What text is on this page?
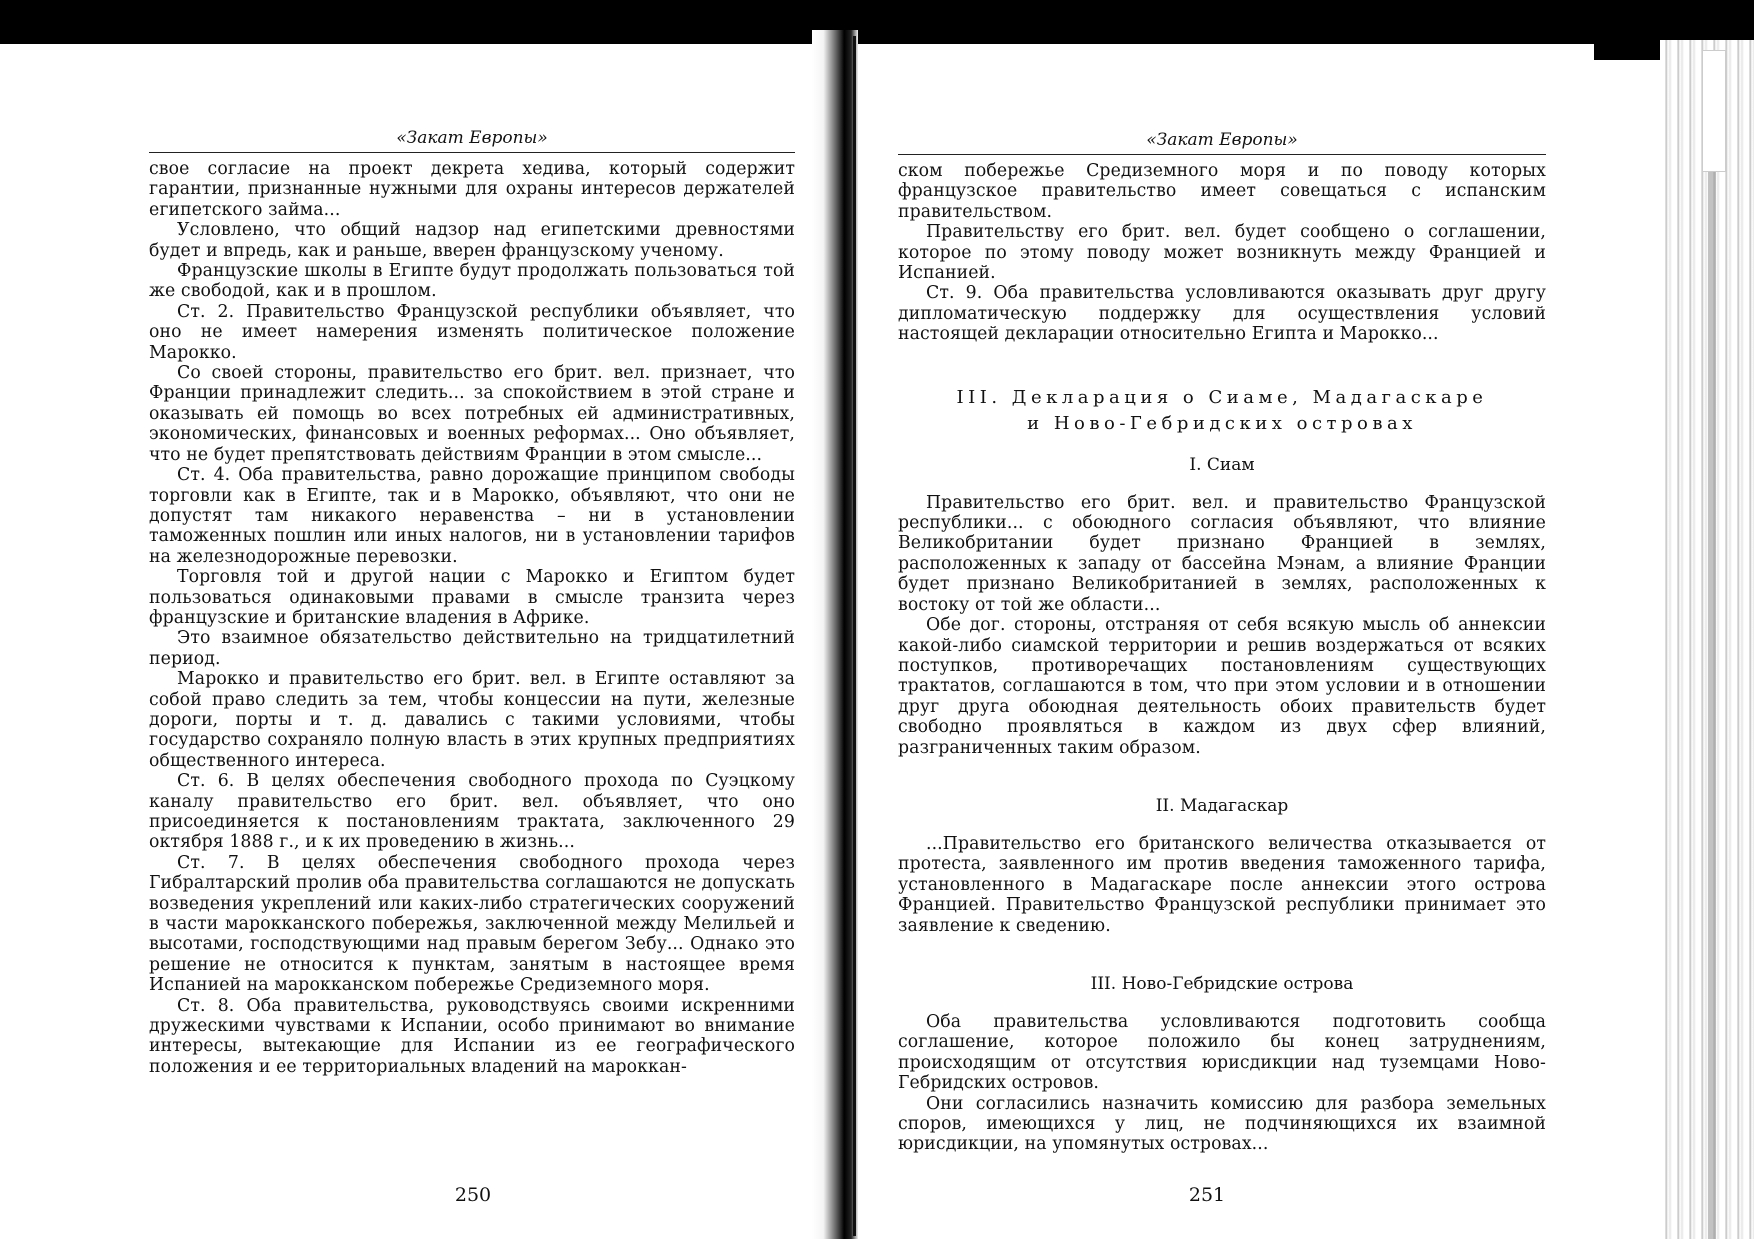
«Закат Европы»

свое согласие на проект декрета хедива, который содержит гарантии, признанные нужными для охраны интересов держателей египетского займа...

Условлено, что общий надзор над египетскими древностями будет и впредь, как и раньше, вверен французскому ученому.

Французские школы в Египте будут продолжать пользоваться той же свободой, как и в прошлом.

Ст. 2. Правительство Французской республики объявляет, что оно не имеет намерения изменять политическое положение Марокко.

Со своей стороны, правительство его брит. вел. признает, что Франции принадлежит следить... за спокойствием в этой стране и оказывать ей помощь во всех потребных ей административных, экономических, финансовых и военных реформах... Оно объявляет, что не будет препятствовать действиям Франции в этом смысле...

Ст. 4. Оба правительства, равно дорожащие принципом свободы торговли как в Египте, так и в Марокко, объявляют, что они не допустят там никакого неравенства – ни в установлении таможенных пошлин или иных налогов, ни в установлении тарифов на железнодорожные перевозки.

Торговля той и другой нации с Марокко и Египтом будет пользоваться одинаковыми правами в смысле транзита через французские и британские владения в Африке.

Это взаимное обязательство действительно на тридцатилетний период.

Марокко и правительство его брит. вел. в Египте оставляют за собой право следить за тем, чтобы концессии на пути, железные дороги, порты и т. д. давались с такими условиями, чтобы государство сохраняло полную власть в этих крупных предприятиях общественного интереса.

Ст. 6. В целях обеспечения свободного прохода по Суэцкому каналу правительство его брит. вел. объявляет, что оно присоединяется к постановлениям трактата, заключенного 29 октября 1888 г., и к их проведению в жизнь...

Ст. 7. В целях обеспечения свободного прохода через Гибралтарский пролив оба правительства соглашаются не допускать возведения укреплений или каких-либо стратегических сооружений в части марокканского побережья, заключенной между Мелильей и высотами, господствующими над правым берегом Зебу... Однако это решение не относится к пунктам, занятым в настоящее время Испанией на марокканском побережье Средиземного моря.

Ст. 8. Оба правительства, руководствуясь своими искренними дружескими чувствами к Испании, особо принимают во внимание интересы, вытекающие для Испании из ее географического положения и ее территориальных владений на мароккан-

250
«Закат Европы»

ском побережье Средиземного моря и по поводу которых французское правительство имеет совещаться с испанским правительством.

Правительству его брит. вел. будет сообщено о соглашении, которое по этому поводу может возникнуть между Францией и Испанией.

Ст. 9. Оба правительства условливаются оказывать друг другу дипломатическую поддержку для осуществления условий настоящей декларации относительно Египта и Марокко...

III. Декларация о Сиаме, Мадагаскаре
и Ново-Гебридских островах
I. Сиам

Правительство его брит. вел. и правительство Французской республики... с обоюдного согласия объявляют, что влияние Великобритании будет признано Францией в землях, расположенных к западу от бассейна Мэнам, а влияние Франции будет признано Великобританией в землях, расположенных к востоку от той же области...

Обе дог. стороны, отстраняя от себя всякую мысль об аннексии какой-либо сиамской территории и решив воздержаться от всяких поступков, противоречащих постановлениям существующих трактатов, соглашаются в том, что при этом условии и в отношении друг друга обоюдная деятельность обоих правительств будет свободно проявляться в каждом из двух сфер влияний, разграниченных таким образом.

II. Мадагаскар

...Правительство его британского величества отказывается от протеста, заявленного им против введения таможенного тарифа, установленного в Мадагаскаре после аннексии этого острова Францией. Правительство Французской республики принимает это заявление к сведению.

III. Ново-Гебридские острова

Оба правительства условливаются подготовить сообща соглашение, которое положило бы конец затруднениям, происходящим от отсутствия юрисдикции над туземцами Ново-Гебридских островов.

Они согласились назначить комиссию для разбора земельных споров, имеющихся у лиц, не подчиняющихся их взаимной юрисдикции, на упомянутых островах...

251
